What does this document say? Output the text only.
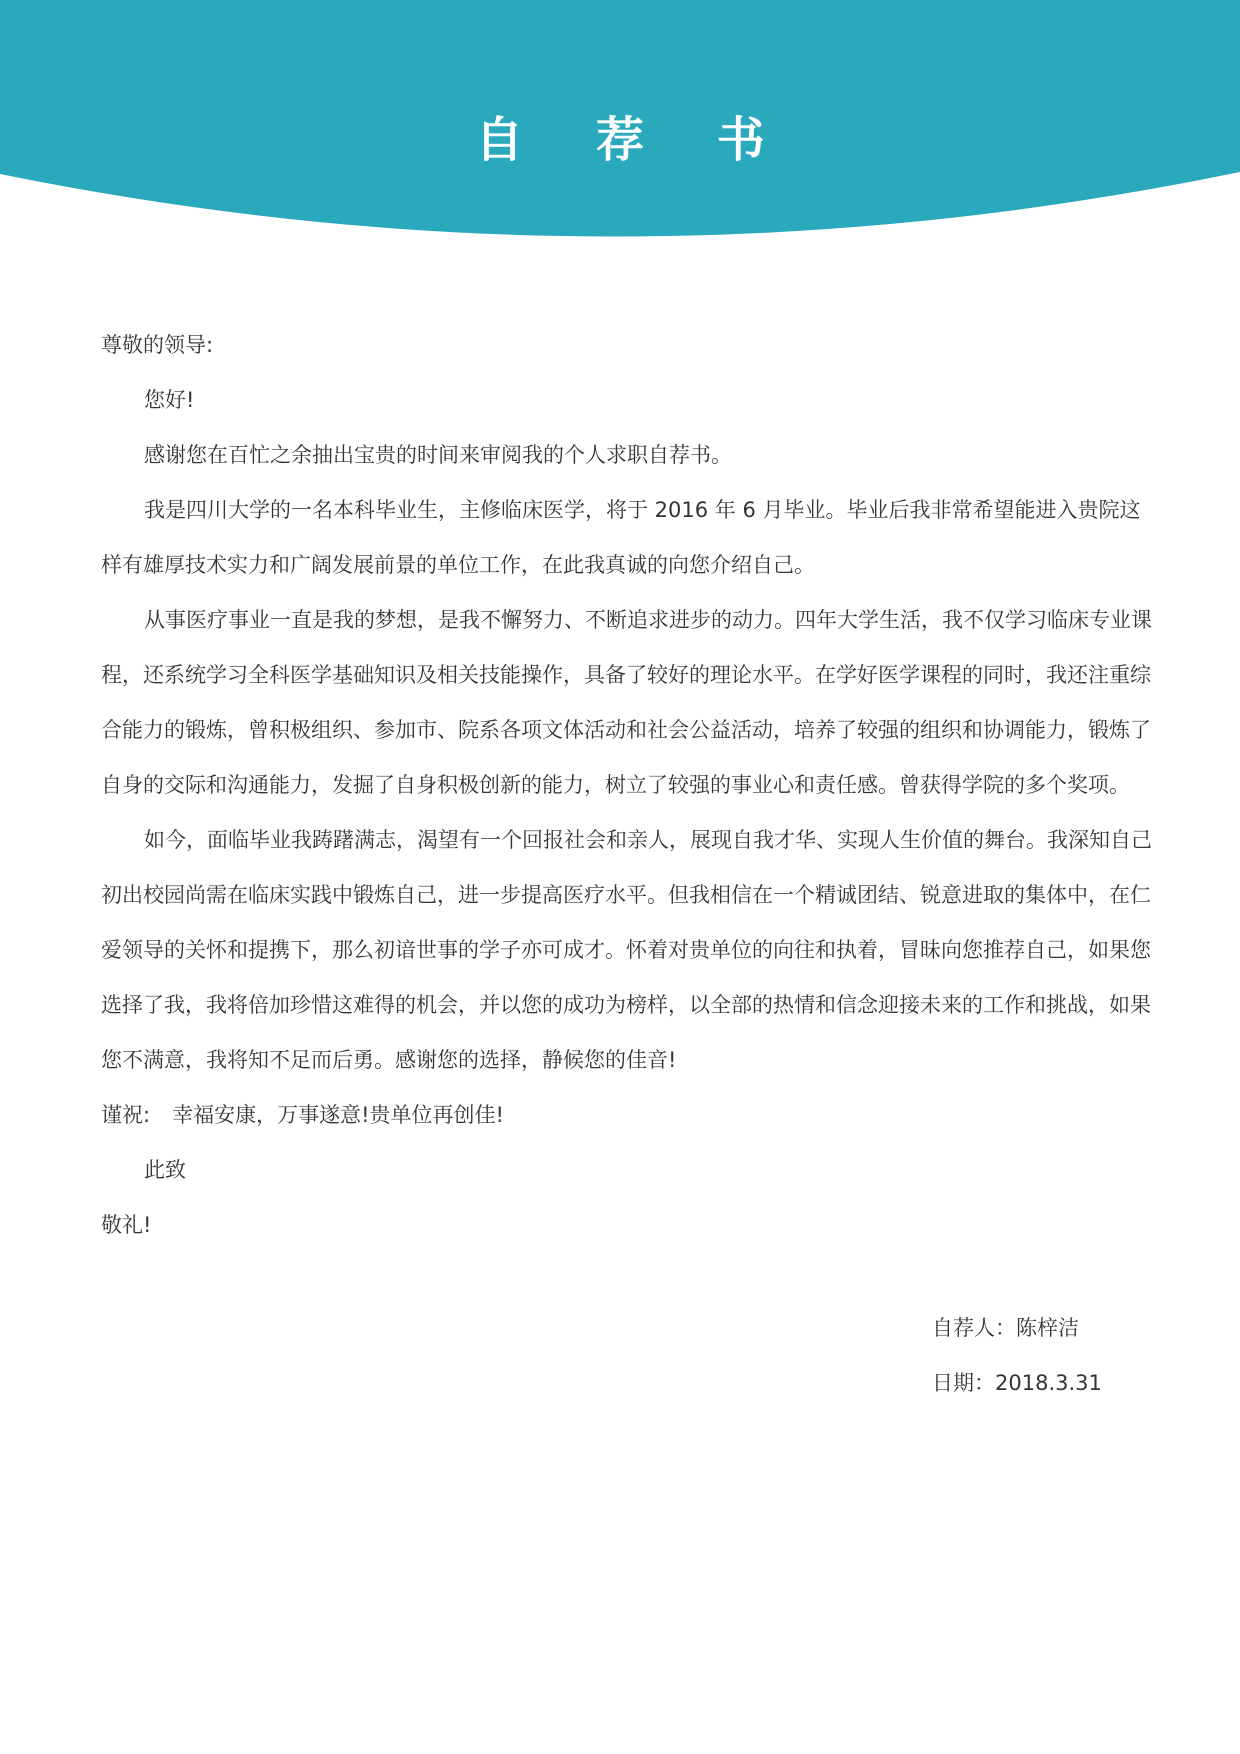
自 荐 书

尊敬的领导:

您好!

感谢您在百忙之余抽出宝贵的时间来审阅我的个人求职自荐书。

我是四川大学的一名本科毕业生，主修临床医学，将于 2016 年 6 月毕业。毕业后我非常希望能进入贵院这样有雄厚技术实力和广阔发展前景的单位工作，在此我真诚的向您介绍自己。

从事医疗事业一直是我的梦想，是我不懈努力、不断追求进步的动力。四年大学生活，我不仅学习临床专业课程，还系统学习全科医学基础知识及相关技能操作，具备了较好的理论水平。在学好医学课程的同时，我还注重综合能力的锻炼，曾积极组织、参加市、院系各项文体活动和社会公益活动，培养了较强的组织和协调能力，锻炼了自身的交际和沟通能力，发掘了自身积极创新的能力，树立了较强的事业心和责任感。曾获得学院的多个奖项。

如今，面临毕业我踌躇满志，渴望有一个回报社会和亲人，展现自我才华、实现人生价值的舞台。我深知自己初出校园尚需在临床实践中锻炼自己，进一步提高医疗水平。但我相信在一个精诚团结、锐意进取的集体中，在仁爱领导的关怀和提携下，那么初谙世事的学子亦可成才。怀着对贵单位的向往和执着，冒昧向您推荐自己，如果您选择了我，我将倍加珍惜这难得的机会，并以您的成功为榜样，以全部的热情和信念迎接未来的工作和挑战，如果您不满意，我将知不足而后勇。感谢您的选择，静候您的佳音!

谨祝: 幸福安康，万事遂意!贵单位再创佳!

此致

敬礼!

自荐人：陈梓洁

日期：2018.3.31
